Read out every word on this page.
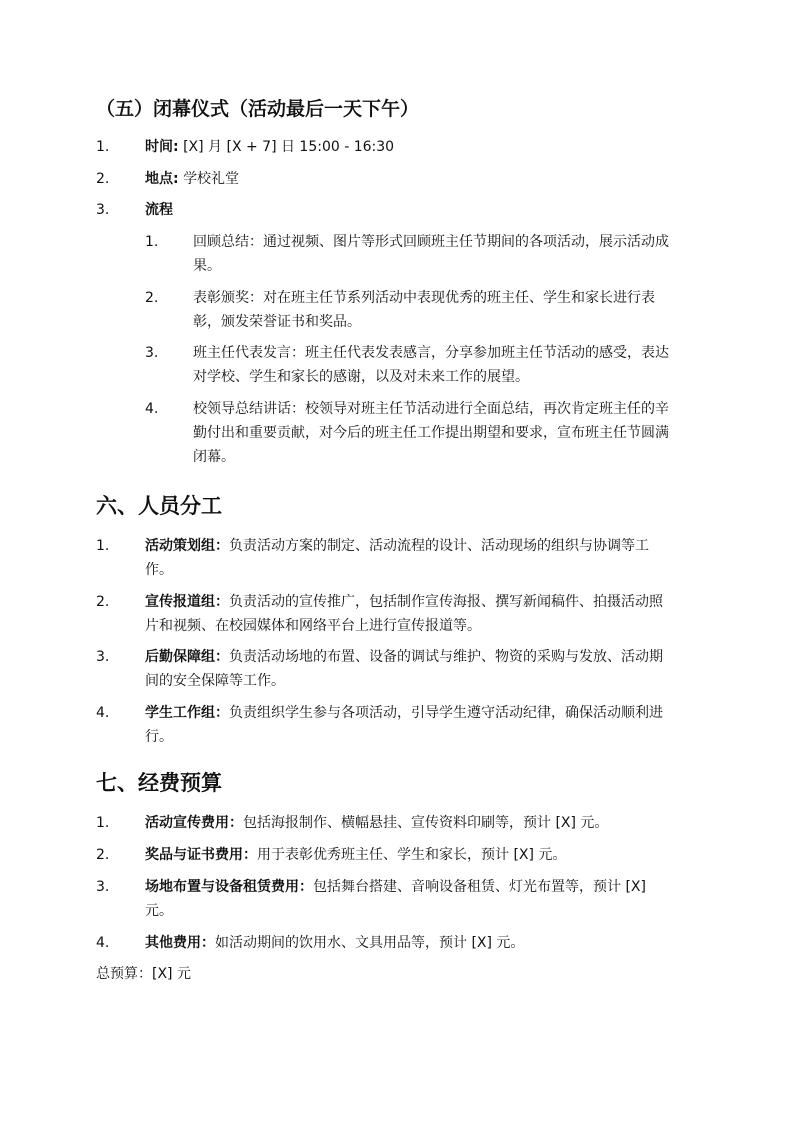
（五）闭幕仪式（活动最后一天下午）
1.	时间: [X] 月 [X + 7] 日 15:00 - 16:30
2.	地点: 学校礼堂
3.	流程
1.	回顾总结：通过视频、图片等形式回顾班主任节期间的各项活动，展示活动成
果。
2.	表彰颁奖：对在班主任节系列活动中表现优秀的班主任、学生和家长进行表
彰，颁发荣誉证书和奖品。
3.	班主任代表发言：班主任代表发表感言，分享参加班主任节活动的感受，表达
对学校、学生和家长的感谢，以及对未来工作的展望。
4.	校领导总结讲话：校领导对班主任节活动进行全面总结，再次肯定班主任的辛
勤付出和重要贡献，对今后的班主任工作提出期望和要求，宣布班主任节圆满
闭幕。
六、人员分工
1.	活动策划组：负责活动方案的制定、活动流程的设计、活动现场的组织与协调等工
作。
2.	宣传报道组：负责活动的宣传推广，包括制作宣传海报、撰写新闻稿件、拍摄活动照
片和视频、在校园媒体和网络平台上进行宣传报道等。
3.	后勤保障组：负责活动场地的布置、设备的调试与维护、物资的采购与发放、活动期
间的安全保障等工作。
4.	学生工作组：负责组织学生参与各项活动，引导学生遵守活动纪律，确保活动顺利进
行。
七、经费预算
1.	活动宣传费用：包括海报制作、横幅悬挂、宣传资料印刷等，预计 [X] 元。
2.	奖品与证书费用：用于表彰优秀班主任、学生和家长，预计 [X] 元。
3.	场地布置与设备租赁费用：包括舞台搭建、音响设备租赁、灯光布置等，预计 [X]
元。
4.	其他费用：如活动期间的饮用水、文具用品等，预计 [X] 元。
总预算：[X] 元
